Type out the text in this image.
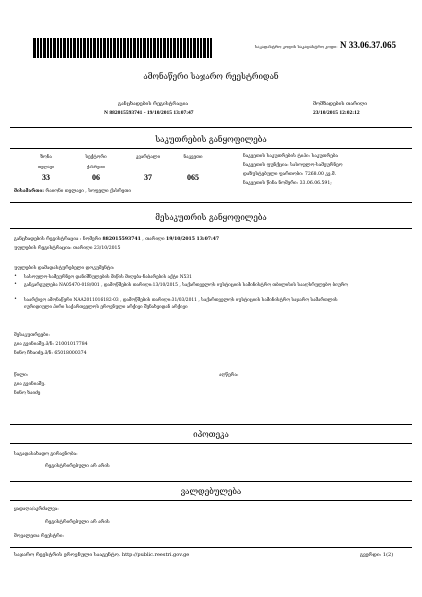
საკადასტრო კოდის საკადასტრო კოდი: N 33.06.37.065
ამონაწერი საჯარო რეესტრიდან
განცხადების რეგისტრაცია
N 882015593741 - 19/10/2015 13:07:47
მომზადების თარიღი
23/10/2015 12:02:12
საკუთრების განყოფილება
ზონა
თელავი
33
სექტორი
ქასრეთი
06
კვარტალი
37
ნაკვეთი
065
ნაკვეთის საკუთრების ტიპი: საკუთრება
ნაკვეთის ფუნქცია: სასოფლო-სამეურნეო
დაზუსტებული ფართობი: 7268.00 კვ.მ.
ნაკვეთის წინა ნომერი: 33.06.06.591;
მისამართი: რაიონი თელავი , სოფელი ქასრეთი
მესაკუთრის განყოფილება
განცხადების რეგისტრაცია : ნომერი 882015593741 , თარიღი 19/10/2015 13:07:47
უფლების რეგისტრაცია: თარიღი 23/10/2015
უფლების დამადასტურებელი დოკუმენტი:
• სასოფლო-სამეურნეო დანიშნულების მიწის მიღება-ჩაბარების აქტი N531
• განკარგულება NA05470-018/001 , დამოწმების თარიღი:13/10/2015 , საქართველოს იუსტიციის სამინისტრო თბილისის სააღსრულებო ბიურო
• საარქივო ამონაწერი NAA2011016182-03 , დამოწმების თარიღი:31/03/2011 , საქართველოს იუსტიციის სამინისტრო საჯარო სამართლის იურიდიული პირი საქართველოს ეროვნული არქივი შენახვიდან არქივი
მესაკუთრეები:
გია გვინიაშვ.პ/ნ: 21001017784
ნინო ჩხაიძე.პ/ნ: 65018000374
წილი:
გია გვინიაშვ.
ნინო ხაიძე
აღწერა:
იპოთეკა
საგადასახადო გირავნობა:
რეგისტრირებული არ არის
ვალდებულება
ყადაღა/აკრძალვა:
რეგისტრირებული არ არის
მოვალეთა რეესტრი:
საჯარო რეესტრის ეროვნული სააგენტო. http://public.reestri.gov.ge	გვერდი: 1(2)
